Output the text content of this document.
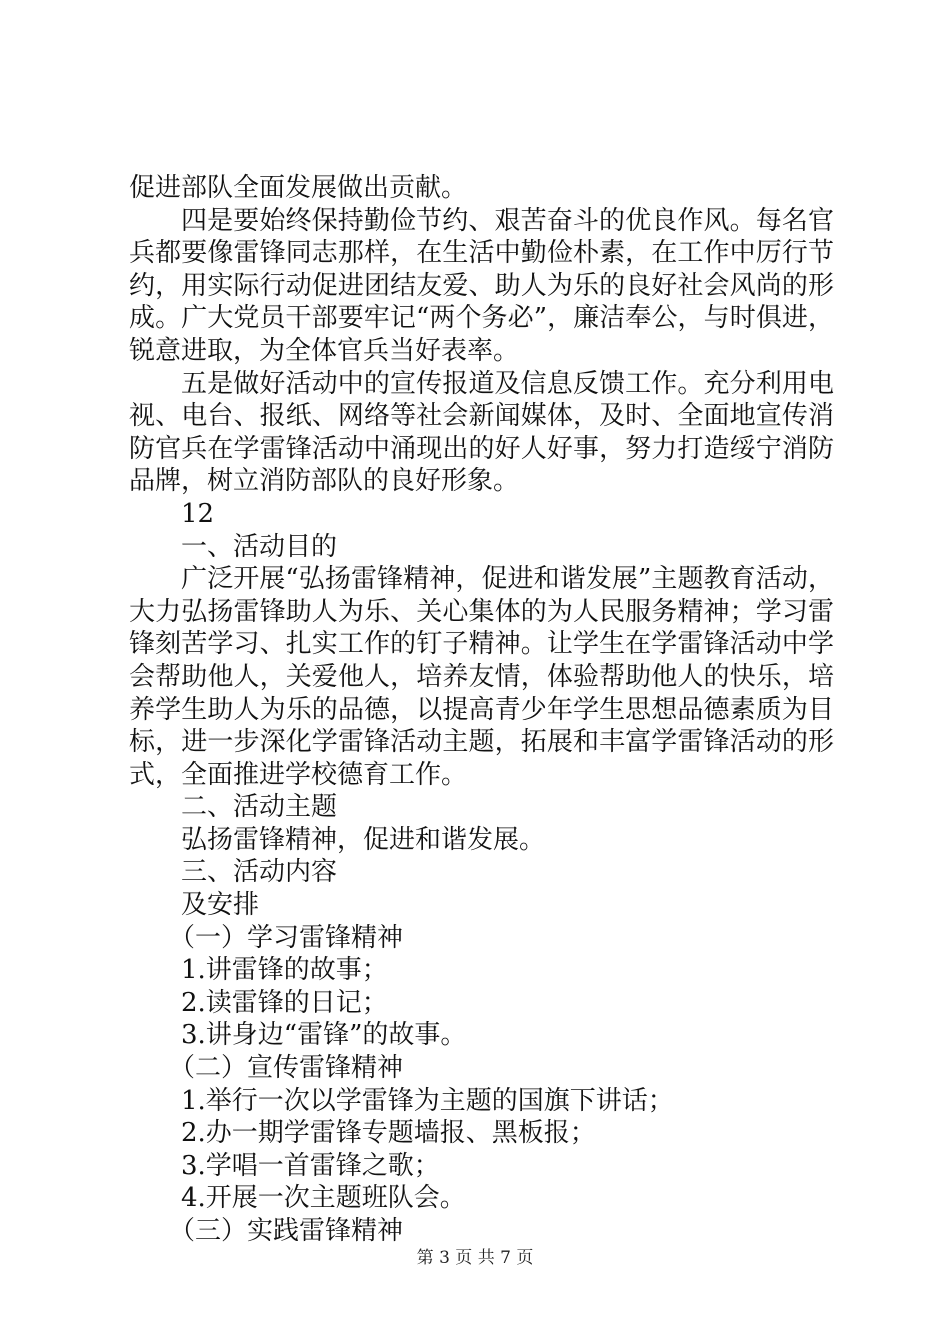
促进部队全面发展做出贡献。

四是要始终保持勤俭节约、艰苦奋斗的优良作风。每名官兵都要像雷锋同志那样，在生活中勤俭朴素，在工作中厉行节约，用实际行动促进团结友爱、助人为乐的良好社会风尚的形成。广大党员干部要牢记“两个务必”，廉洁奉公，与时俱进，锐意进取，为全体官兵当好表率。

五是做好活动中的宣传报道及信息反馈工作。充分利用电视、电台、报纸、网络等社会新闻媒体，及时、全面地宣传消防官兵在学雷锋活动中涌现出的好人好事，努力打造绥宁消防品牌，树立消防部队的良好形象。

12

一、活动目的

广泛开展“弘扬雷锋精神，促进和谐发展”主题教育活动，大力弘扬雷锋助人为乐、关心集体的为人民服务精神；学习雷锋刻苦学习、扎实工作的钉子精神。让学生在学雷锋活动中学会帮助他人，关爱他人，培养友情，体验帮助他人的快乐，培养学生助人为乐的品德，以提高青少年学生思想品德素质为目标，进一步深化学雷锋活动主题，拓展和丰富学雷锋活动的形式，全面推进学校德育工作。

二、活动主题

弘扬雷锋精神，促进和谐发展。

三、活动内容

及安排

（一）学习雷锋精神

1.讲雷锋的故事；

2.读雷锋的日记；

3.讲身边“雷锋”的故事。

（二）宣传雷锋精神

1.举行一次以学雷锋为主题的国旗下讲话；

2.办一期学雷锋专题墙报、黑板报；

3.学唱一首雷锋之歌；

4.开展一次主题班队会。

（三）实践雷锋精神

第 3 页 共 7 页
